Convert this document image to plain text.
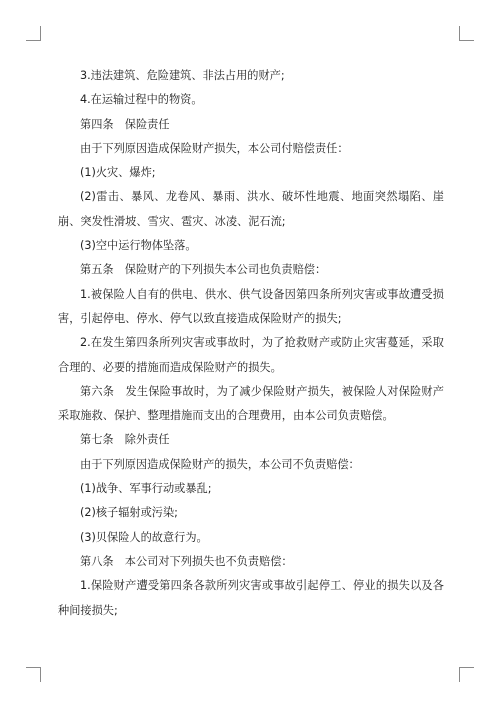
3.违法建筑、危险建筑、非法占用的财产;

4.在运输过程中的物资。

第四条　保险责任

由于下列原因造成保险财产损失，本公司付赔偿责任：

(1)火灾、爆炸;

(2)雷击、暴风、龙卷风、暴雨、洪水、破坏性地震、地面突然塌陷、崖崩、突发性滑坡、雪灾、雹灾、冰凌、泥石流;

(3)空中运行物体坠落。

第五条　保险财产的下列损失本公司也负责赔偿：

1.被保险人自有的供电、供水、供气设备因第四条所列灾害或事故遭受损害，引起停电、停水、停气以致直接造成保险财产的损失;

2.在发生第四条所列灾害或事故时，为了抢救财产或防止灾害蔓延，采取合理的、必要的措施而造成保险财产的损失。

第六条　发生保险事故时，为了减少保险财产损失，被保险人对保险财产采取施救、保护、整理措施而支出的合理费用，由本公司负责赔偿。

第七条　除外责任

由于下列原因造成保险财产的损失，本公司不负责赔偿：

(1)战争、军事行动或暴乱;

(2)核子辐射或污染;

(3)贝保险人的故意行为。

第八条　本公司对下列损失也不负责赔偿：

1.保险财产遭受第四条各款所列灾害或事故引起停工、停业的损失以及各种间接损失;
